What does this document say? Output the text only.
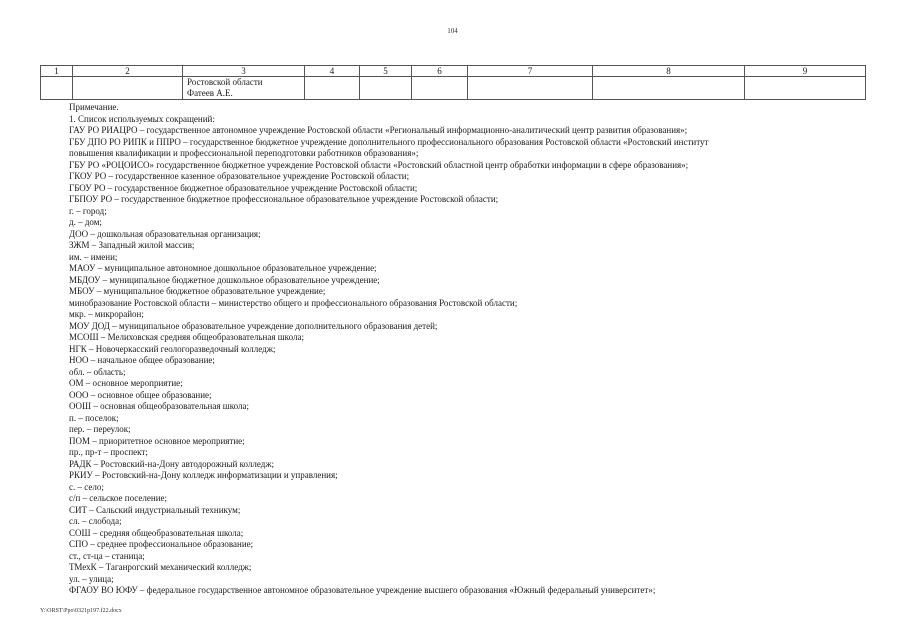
104
1	2	3	4	5	6	7	8	9

		Ростовской области
Фатеев А.Е.						

Примечание.
1. Список используемых сокращений:
ГАУ РО РИАЦРО – государственное автономное учреждение Ростовской области «Региональный информационно-аналитический центр развития образования»;
ГБУ ДПО РО РИПК и ППРО – государственное бюджетное учреждение дополнительного профессионального образования Ростовской области «Ростовский институт
повышения квалификации и профессиональной переподготовки работников образования»;
ГБУ РО «РОЦОИСО» государственное бюджетное учреждение Ростовской области «Ростовский областной центр обработки информации в сфере образования»;
ГКОУ РО – государственное казенное образовательное учреждение Ростовской области;
ГБОУ РО – государственное бюджетное образовательное учреждение Ростовской области;
ГБПОУ РО – государственное бюджетное профессиональное образовательное учреждение Ростовской области;
г. – город;
д. – дом;
ДОО – дошкольная образовательная организация;
ЗЖМ – Западный жилой массив;
им. – имени;
МАОУ – муниципальное автономное дошкольное образовательное учреждение;
МБДОУ – муниципальное бюджетное дошкольное образовательное учреждение;
МБОУ – муниципальное бюджетное образовательное учреждение;
минобразование Ростовской области – министерство общего и профессионального образования Ростовской области;
мкр. – микрорайон;
МОУ ДОД – муниципальное образовательное учреждение дополнительного образования детей;
МСОШ – Мелиховская средняя общеобразовательная школа;
НГК – Новочеркасский геологоразведочный колледж;
НОО – начальное общее образование;
обл. – область;
ОМ – основное мероприятие;
ООО – основное общее образование;
ООШ – основная общеобразовательная школа;
п. – поселок;
пер. – переулок;
ПОМ – приоритетное основное мероприятие;
пр., пр-т – проспект;
РАДК – Ростовский-на-Дону автодорожный колледж;
РКИУ – Ростовский-на-Дону колледж информатизации и управления;
с. – село;
с/п – сельское поселение;
СИТ – Сальский индустриальный техникум;
сл. – слобода;
СОШ – средняя общеобразовательная школа;
СПО – среднее профессиональное образование;
ст., ст-ца – станица;
ТМехК – Таганрогский механический колледж;
ул. – улица;
ФГАОУ ВО ЮФУ – федеральное государственное автономное образовательное учреждение высшего образования «Южный федеральный университет»;
Y:\ORST\Ppo\0321p197.f22.docx
